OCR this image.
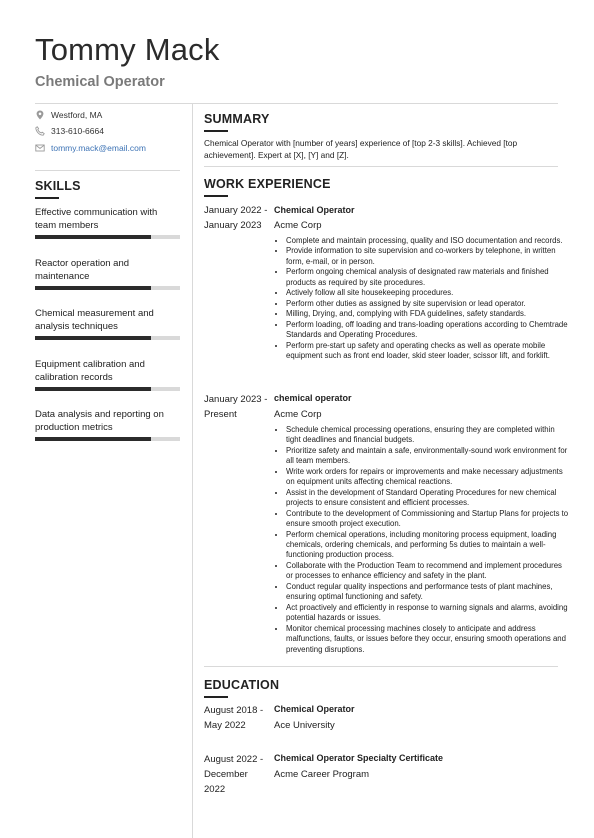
Tommy Mack
Chemical Operator
Westford, MA
313-610-6664
tommy.mack@email.com
SKILLS
Effective communication with team members
Reactor operation and maintenance
Chemical measurement and analysis techniques
Equipment calibration and calibration records
Data analysis and reporting on production metrics
SUMMARY
Chemical Operator with [number of years] experience of [top 2-3 skills]. Achieved [top achievement]. Expert at [X], [Y] and [Z].
WORK EXPERIENCE
January 2022 - January 2023
Chemical Operator
Acme Corp
• Complete and maintain processing, quality and ISO documentation and records.
• Provide information to site supervision and co-workers by telephone, in written form, e-mail, or in person.
• Perform ongoing chemical analysis of designated raw materials and finished products as required by site procedures.
• Actively follow all site housekeeping procedures.
• Perform other duties as assigned by site supervision or lead operator.
• Milling, Drying, and, complying with FDA guidelines, safety standards.
• Perform loading, off loading and trans-loading operations according to Chemtrade Standards and Operating Procedures.
• Perform pre-start up safety and operating checks as well as operate mobile equipment such as front end loader, skid steer loader, scissor lift, and forklift.
January 2023 - Present
chemical operator
Acme Corp
• Schedule chemical processing operations, ensuring they are completed within tight deadlines and financial budgets.
• Prioritize safety and maintain a safe, environmentally-sound work environment for all team members.
• Write work orders for repairs or improvements and make necessary adjustments on equipment units affecting chemical reactions.
• Assist in the development of Standard Operating Procedures for new chemical projects to ensure consistent and efficient processes.
• Contribute to the development of Commissioning and Startup Plans for projects to ensure smooth project execution.
• Perform chemical operations, including monitoring process equipment, loading chemicals, ordering chemicals, and performing 5s duties to maintain a well-functioning production process.
• Collaborate with the Production Team to recommend and implement procedures or processes to enhance efficiency and safety in the plant.
• Conduct regular quality inspections and performance tests of plant machines, ensuring optimal functioning and safety.
• Act proactively and efficiently in response to warning signals and alarms, avoiding potential hazards or issues.
• Monitor chemical processing machines closely to anticipate and address malfunctions, faults, or issues before they occur, ensuring smooth operations and preventing disruptions.
EDUCATION
August 2018 - May 2022
Chemical Operator
Ace University
August 2022 - December 2022
Chemical Operator Specialty Certificate
Acme Career Program
